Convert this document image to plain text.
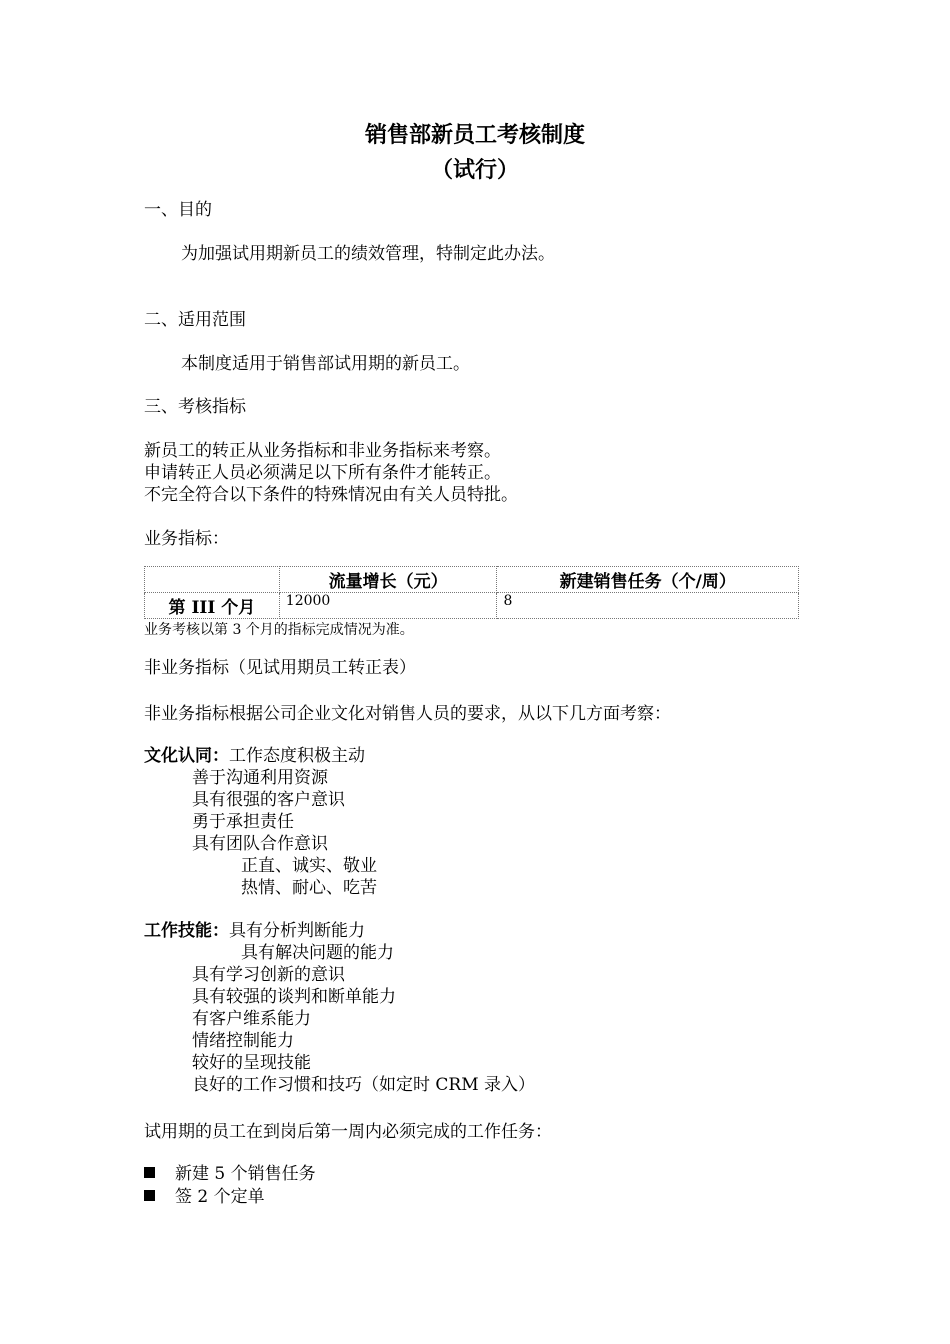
销售部新员工考核制度
（试行）
一、目的
为加强试用期新员工的绩效管理，特制定此办法。
二、适用范围
本制度适用于销售部试用期的新员工。
三、考核指标
新员工的转正从业务指标和非业务指标来考察。
申请转正人员必须满足以下所有条件才能转正。
不完全符合以下条件的特殊情况由有关人员特批。
业务指标：
	流量增长（元）	新建销售任务（个/周）
第 III 个月	12000	8
业务考核以第 3 个月的指标完成情况为准。
非业务指标（见试用期员工转正表）
非业务指标根据公司企业文化对销售人员的要求，从以下几方面考察：
文化认同：工作态度积极主动
善于沟通利用资源
具有很强的客户意识
勇于承担责任
具有团队合作意识
正直、诚实、敬业
热情、耐心、吃苦
工作技能：具有分析判断能力
具有解决问题的能力
具有学习创新的意识
具有较强的谈判和断单能力
有客户维系能力
情绪控制能力
较好的呈现技能
良好的工作习惯和技巧（如定时 CRM 录入）
试用期的员工在到岗后第一周内必须完成的工作任务：
新建 5 个销售任务
签 2 个定单
